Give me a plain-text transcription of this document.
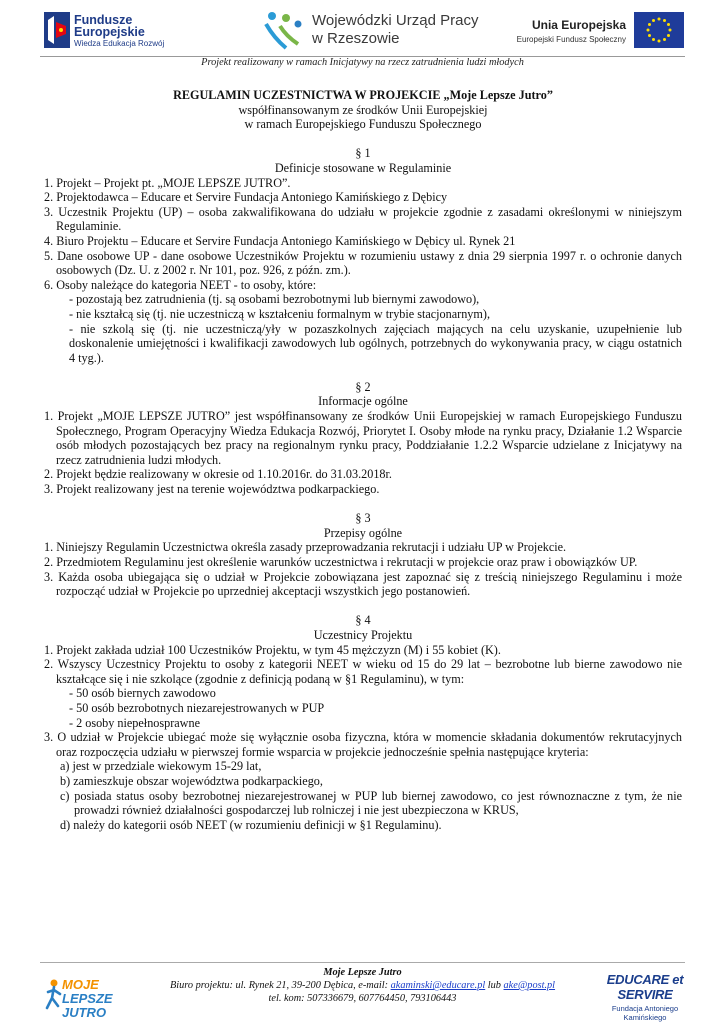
Fundusze
Europejskie
Wiedza Edukacja Rozwój
Wojewódzki Urząd Pracy
w Rzeszowie
Unia Europejska
Europejski Fundusz Społeczny
Projekt realizowany w ramach Inicjatywy na rzecz zatrudnienia ludzi młodych
REGULAMIN UCZESTNICTWA W PROJEKCIE „Moje Lepsze Jutro”
współfinansowanym ze środków Unii Europejskiej
w ramach Europejskiego Funduszu Społecznego
§ 1
Definicje stosowane w Regulaminie
1. Projekt – Projekt pt. „MOJE LEPSZE JUTRO”.
2. Projektodawca – Educare et Servire Fundacja Antoniego Kamińskiego z Dębicy
3. Uczestnik Projektu (UP) – osoba zakwalifikowana do udziału w projekcie zgodnie z zasadami określonymi w niniejszym Regulaminie.
4. Biuro Projektu – Educare et Servire Fundacja Antoniego Kamińskiego w Dębicy ul. Rynek 21
5. Dane osobowe UP - dane osobowe Uczestników Projektu w rozumieniu ustawy z dnia 29 sierpnia 1997 r. o ochronie danych osobowych (Dz. U. z 2002 r. Nr 101, poz. 926, z późn. zm.).
6. Osoby należące do kategoria NEET - to osoby, które:
- pozostają bez zatrudnienia (tj. są osobami bezrobotnymi lub biernymi zawodowo),
- nie kształcą się (tj. nie uczestniczą w kształceniu formalnym w trybie stacjonarnym),
- nie szkolą się (tj. nie uczestniczą/yły w pozaszkolnych zajęciach mających na celu uzyskanie, uzupełnienie lub doskonalenie umiejętności i kwalifikacji zawodowych lub ogólnych, potrzebnych do wykonywania pracy, w ciągu ostatnich 4 tyg.).
§ 2
Informacje ogólne
1. Projekt „MOJE LEPSZE JUTRO” jest współfinansowany ze środków Unii Europejskiej w ramach Europejskiego Funduszu Społecznego, Program Operacyjny Wiedza Edukacja Rozwój, Priorytet I. Osoby młode na rynku pracy, Działanie 1.2 Wsparcie osób młodych pozostających bez pracy na regionalnym rynku pracy, Poddziałanie 1.2.2 Wsparcie udzielane z Inicjatywy na rzecz zatrudnienia ludzi młodych.
2. Projekt będzie realizowany w okresie od 1.10.2016r. do 31.03.2018r.
3. Projekt realizowany jest na terenie województwa podkarpackiego.
§ 3
Przepisy ogólne
1. Niniejszy Regulamin Uczestnictwa określa zasady przeprowadzania rekrutacji i udziału UP w Projekcie.
2. Przedmiotem Regulaminu jest określenie warunków uczestnictwa i rekrutacji w projekcie oraz praw i obowiązków UP.
3. Każda osoba ubiegająca się o udział w Projekcie zobowiązana jest zapoznać się z treścią niniejszego Regulaminu i może rozpocząć udział w Projekcie po uprzedniej akceptacji wszystkich jego postanowień.
§ 4
Uczestnicy Projektu
1. Projekt zakłada udział 100 Uczestników Projektu, w tym 45 mężczyzn (M) i 55 kobiet (K).
2. Wszyscy Uczestnicy Projektu to osoby z kategorii NEET w wieku od 15 do 29 lat – bezrobotne lub bierne zawodowo nie kształcące się i nie szkolące (zgodnie z definicją podaną w §1 Regulaminu), w tym:
- 50 osób biernych zawodowo
- 50 osób bezrobotnych niezarejestrowanych w PUP
- 2 osoby niepełnosprawne
3. O udział w Projekcie ubiegać może się wyłącznie osoba fizyczna, która w momencie składania dokumentów rekrutacyjnych oraz rozpoczęcia udziału w pierwszej formie wsparcia w projekcie jednocześnie spełnia następujące kryteria:
a) jest w przedziale wiekowym 15-29 lat,
b) zamieszkuje obszar województwa podkarpackiego,
c) posiada status osoby bezrobotnej niezarejestrowanej w PUP lub biernej zawodowo, co jest równoznaczne z tym, że nie prowadzi również działalności gospodarczej lub rolniczej i nie jest ubezpieczona w KRUS,
d) należy do kategorii osób NEET (w rozumieniu definicji w §1 Regulaminu).
MOJE
LEPSZE JUTRO
Moje Lepsze Jutro
Biuro projektu: ul. Rynek 21, 39-200 Dębica, e-mail: akaminski@educare.pl lub ake@post.pl
tel. kom: 507336679, 607764450, 793106443
EDUCARE et SERVIRE
Fundacja Antoniego Kamińskiego
